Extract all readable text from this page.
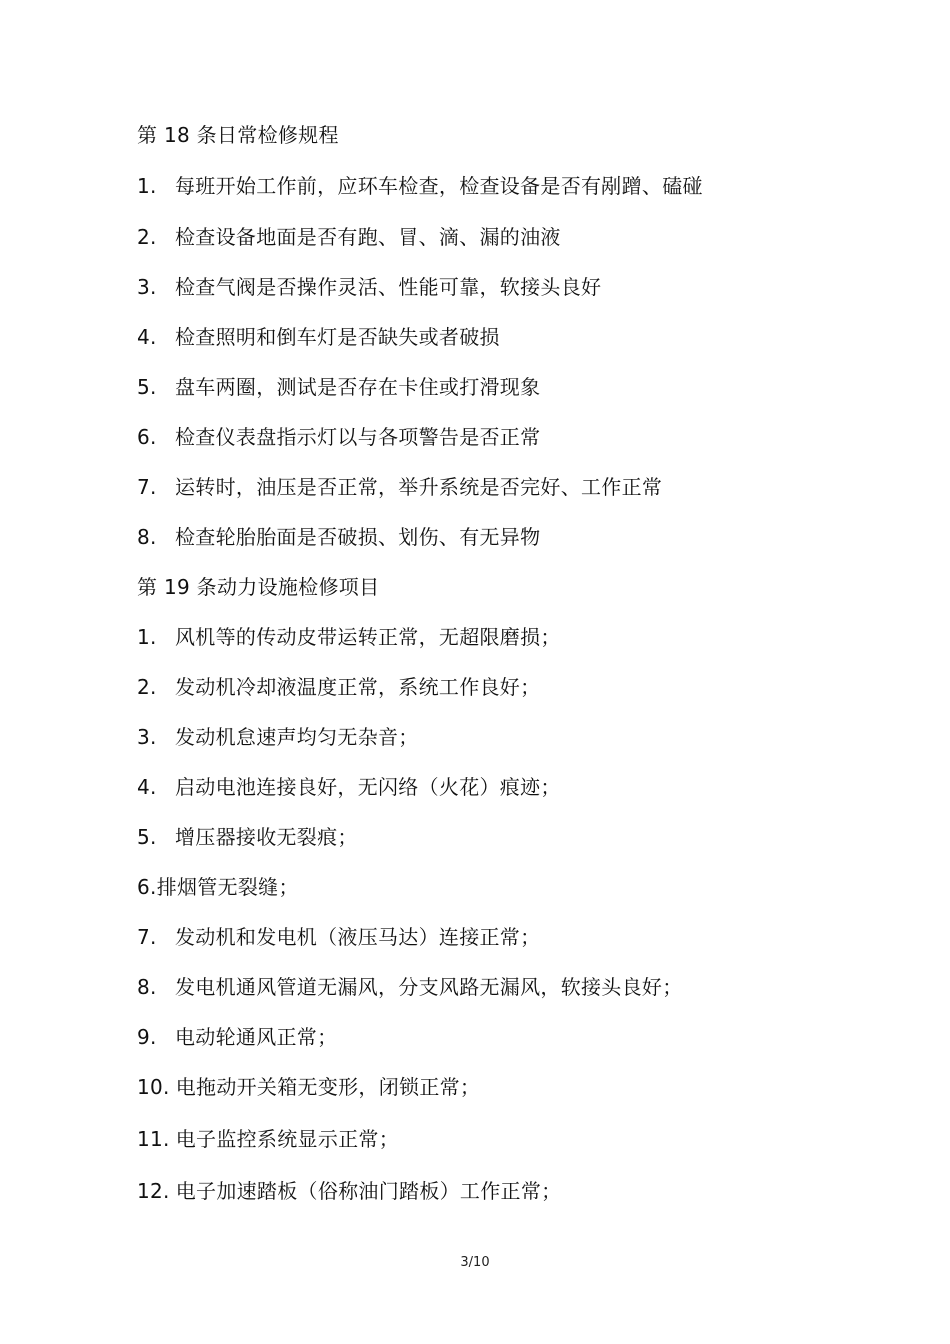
第 18 条日常检修规程
1. 每班开始工作前，应环车检查，检查设备是否有剐蹭、磕碰
2. 检查设备地面是否有跑、冒、滴、漏的油液
3. 检查气阀是否操作灵活、性能可靠，软接头良好
4. 检查照明和倒车灯是否缺失或者破损
5. 盘车两圈，测试是否存在卡住或打滑现象
6. 检查仪表盘指示灯以与各项警告是否正常
7. 运转时，油压是否正常，举升系统是否完好、工作正常
8. 检查轮胎胎面是否破损、划伤、有无异物
第 19 条动力设施检修项目
1. 风机等的传动皮带运转正常，无超限磨损；
2. 发动机冷却液温度正常，系统工作良好；
3. 发动机怠速声均匀无杂音；
4. 启动电池连接良好，无闪络（火花）痕迹；
5. 增压器接收无裂痕；
6.排烟管无裂缝；
7. 发动机和发电机（液压马达）连接正常；
8. 发电机通风管道无漏风，分支风路无漏风，软接头良好；
9. 电动轮通风正常；
10. 电拖动开关箱无变形，闭锁正常；
11. 电子监控系统显示正常；
12. 电子加速踏板（俗称油门踏板）工作正常；
3/10
